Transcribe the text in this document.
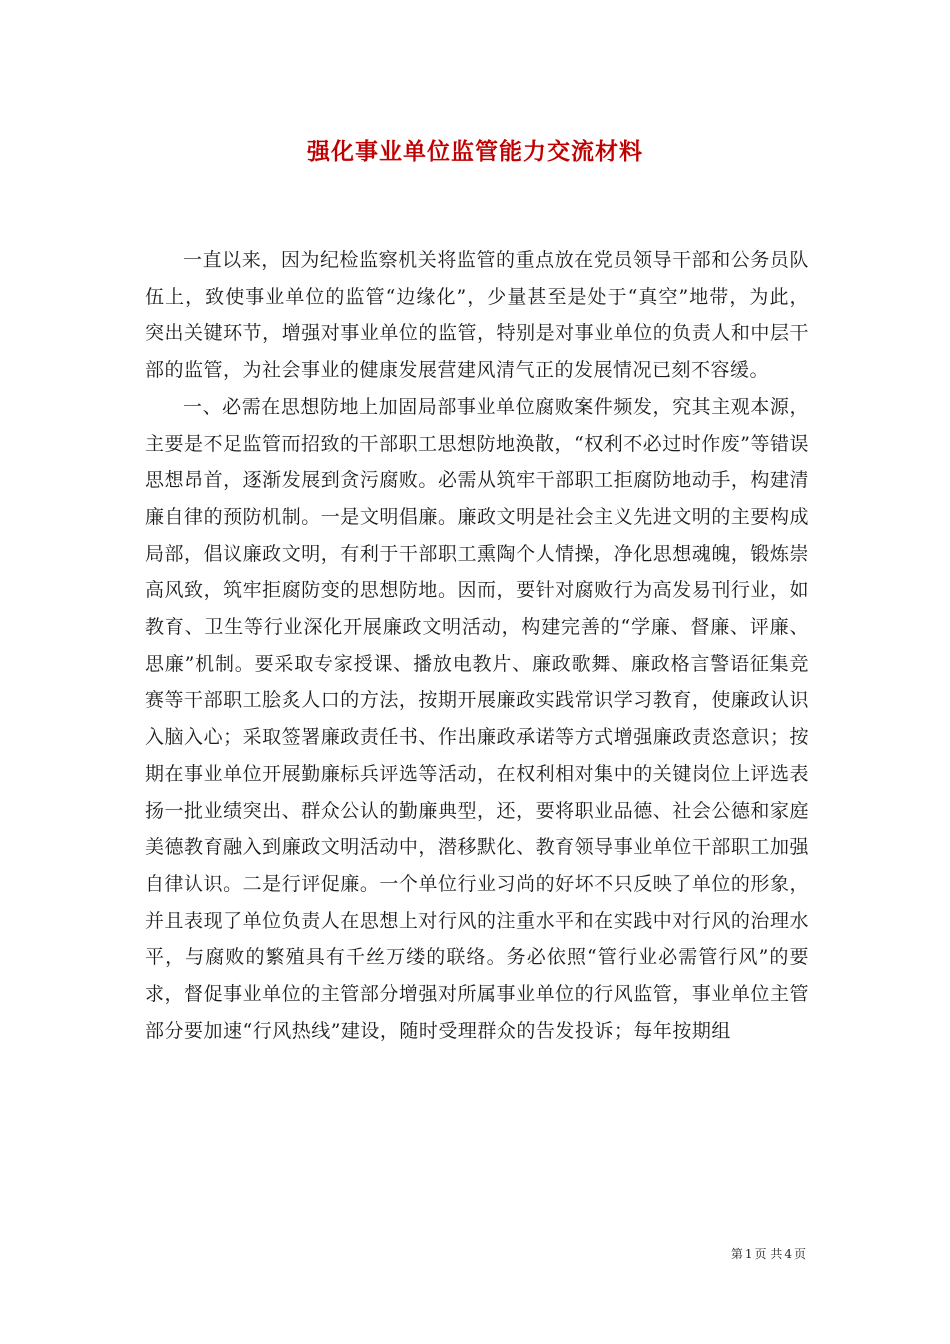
强化事业单位监管能力交流材料

一直以来，因为纪检监察机关将监管的重点放在党员领导干部和公务员队伍上，致使事业单位的监管“边缘化”，少量甚至是处于“真空”地带，为此，突出关键环节，增强对事业单位的监管，特别是对事业单位的负责人和中层干部的监管，为社会事业的健康发展营建风清气正的发展情况已刻不容缓。

一、必需在思想防地上加固局部事业单位腐败案件频发，究其主观本源，主要是不足监管而招致的干部职工思想防地涣散，“权利不必过时作废”等错误思想昂首，逐渐发展到贪污腐败。必需从筑牢干部职工拒腐防地动手，构建清廉自律的预防机制。一是文明倡廉。廉政文明是社会主义先进文明的主要构成局部，倡议廉政文明，有利于干部职工熏陶个人情操，净化思想魂魄，锻炼崇高风致，筑牢拒腐防变的思想防地。因而，要针对腐败行为高发易刊行业，如教育、卫生等行业深化开展廉政文明活动，构建完善的“学廉、督廉、评廉、思廉”机制。要采取专家授课、播放电教片、廉政歌舞、廉政格言警语征集竞赛等干部职工脍炙人口的方法，按期开展廉政实践常识学习教育，使廉政认识入脑入心；采取签署廉政责任书、作出廉政承诺等方式增强廉政责恣意识；按期在事业单位开展勤廉标兵评选等活动，在权利相对集中的关键岗位上评选表扬一批业绩突出、群众公认的勤廉典型，还，要将职业品德、社会公德和家庭美德教育融入到廉政文明活动中，潜移默化、教育领导事业单位干部职工加强自律认识。二是行评促廉。一个单位行业习尚的好坏不只反映了单位的形象，并且表现了单位负责人在思想上对行风的注重水平和在实践中对行风的治理水平，与腐败的繁殖具有千丝万缕的联络。务必依照“管行业必需管行风”的要求，督促事业单位的主管部分增强对所属事业单位的行风监管，事业单位主管部分要加速“行风热线”建设，随时受理群众的告发投诉；每年按期组

第 1 页 共 4 页
